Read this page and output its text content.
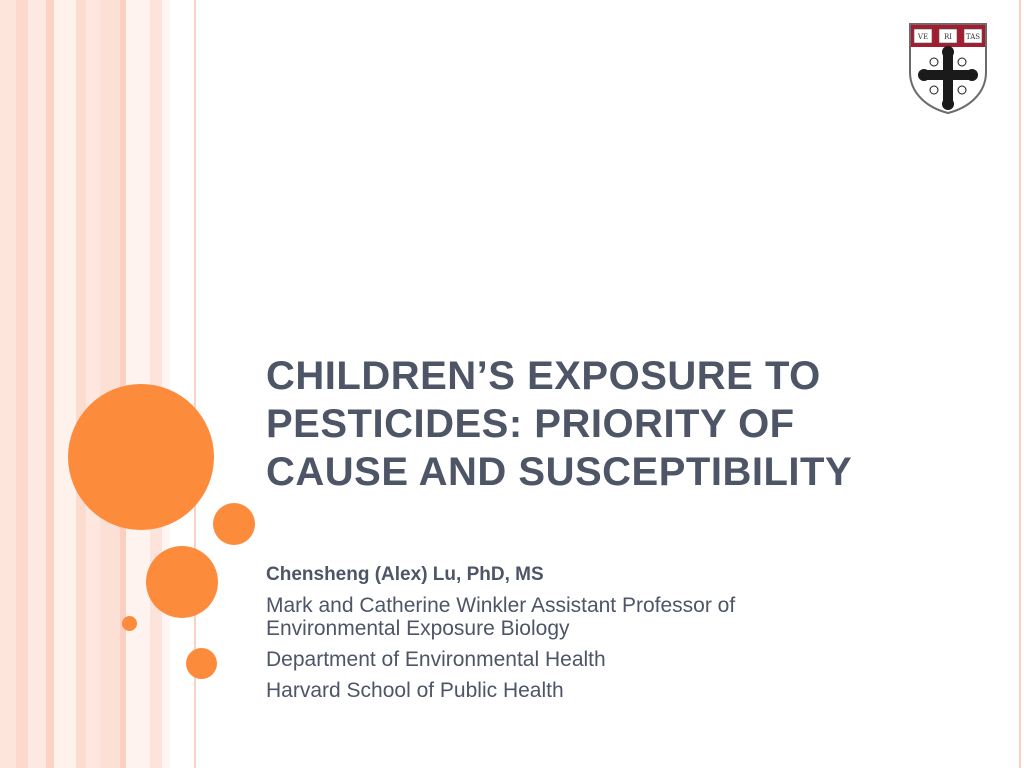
VE RI TAS
CHILDREN’S EXPOSURE TO
PESTICIDES: PRIORITY OF
CAUSE AND SUSCEPTIBILITY

Chensheng (Alex) Lu, PhD, MS

Mark and Catherine Winkler Assistant Professor of
Environmental Exposure Biology

Department of Environmental Health

Harvard School of Public Health
